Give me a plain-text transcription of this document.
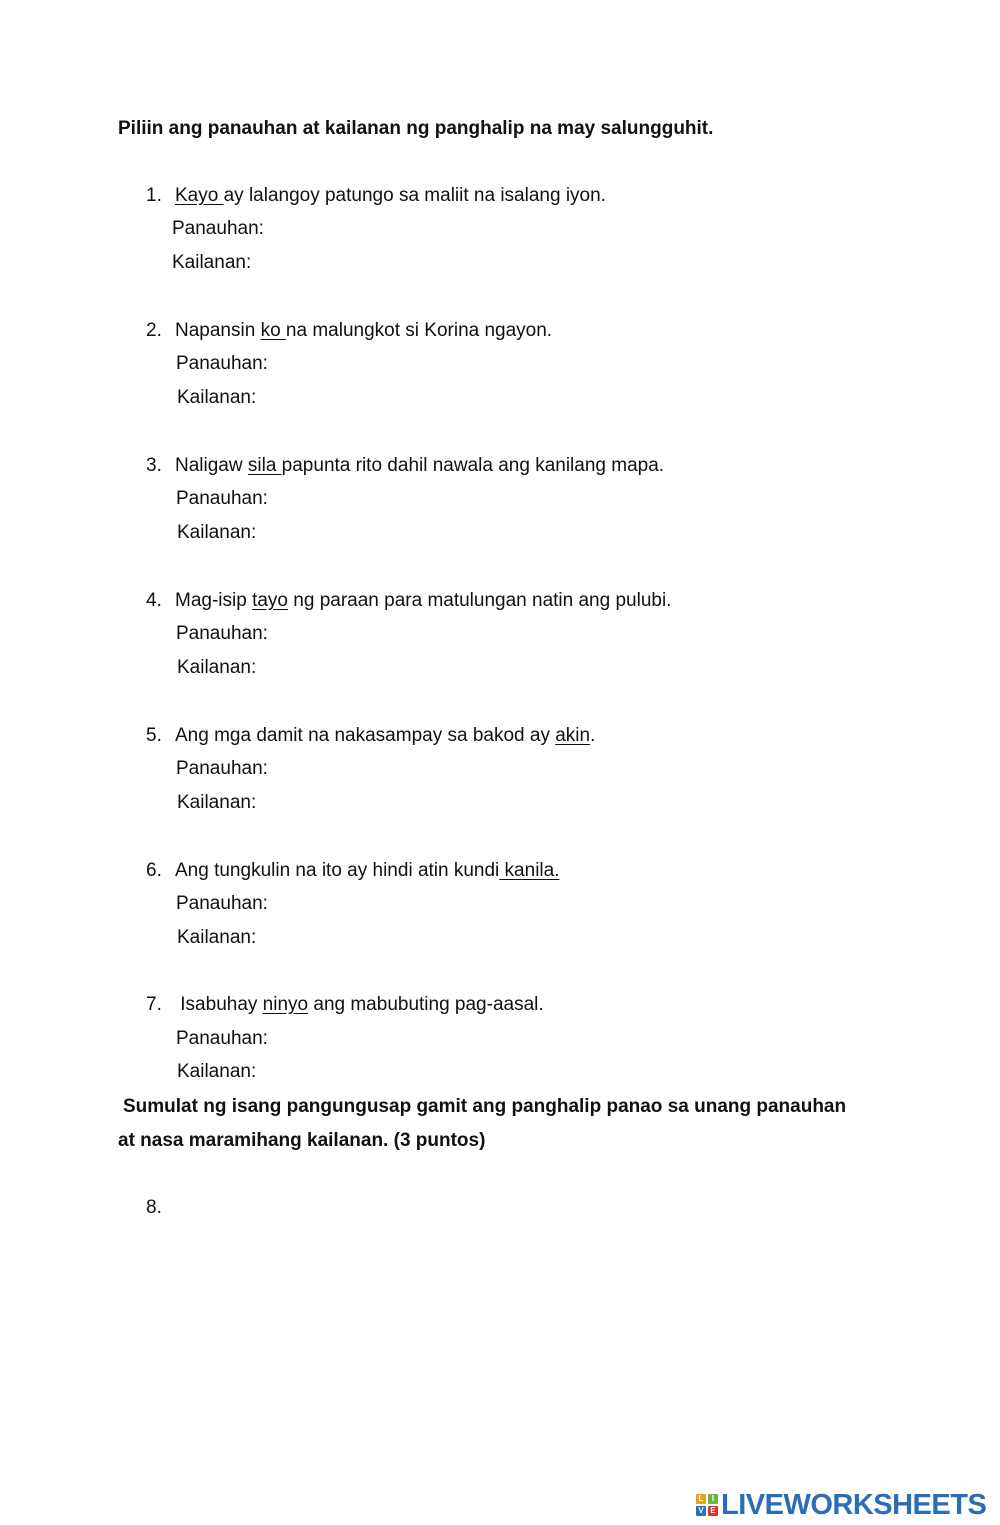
Piliin ang panauhan at kailanan ng panghalip na may salungguhit.
1. Kayo ay lalangoy patungo sa maliit na isalang iyon.
Panauhan:
Kailanan:
2. Napansin ko na malungkot si Korina ngayon.
Panauhan:
Kailanan:
3. Naligaw sila papunta rito dahil nawala ang kanilang mapa.
Panauhan:
Kailanan:
4. Mag-isip tayo ng paraan para matulungan natin ang pulubi.
Panauhan:
Kailanan:
5. Ang mga damit na nakasampay sa bakod ay akin.
Panauhan:
Kailanan:
6. Ang tungkulin na ito ay hindi atin kundi kanila.
Panauhan:
Kailanan:
7. Isabuhay ninyo ang mabubuting pag-aasal.
Panauhan:
Kailanan:
Sumulat ng isang pangungusap gamit ang panghalip panao sa unang panauhan
at nasa maramihang kailanan. (3 puntos)
8.
L	I
V E LIVEWORKSHEETS
